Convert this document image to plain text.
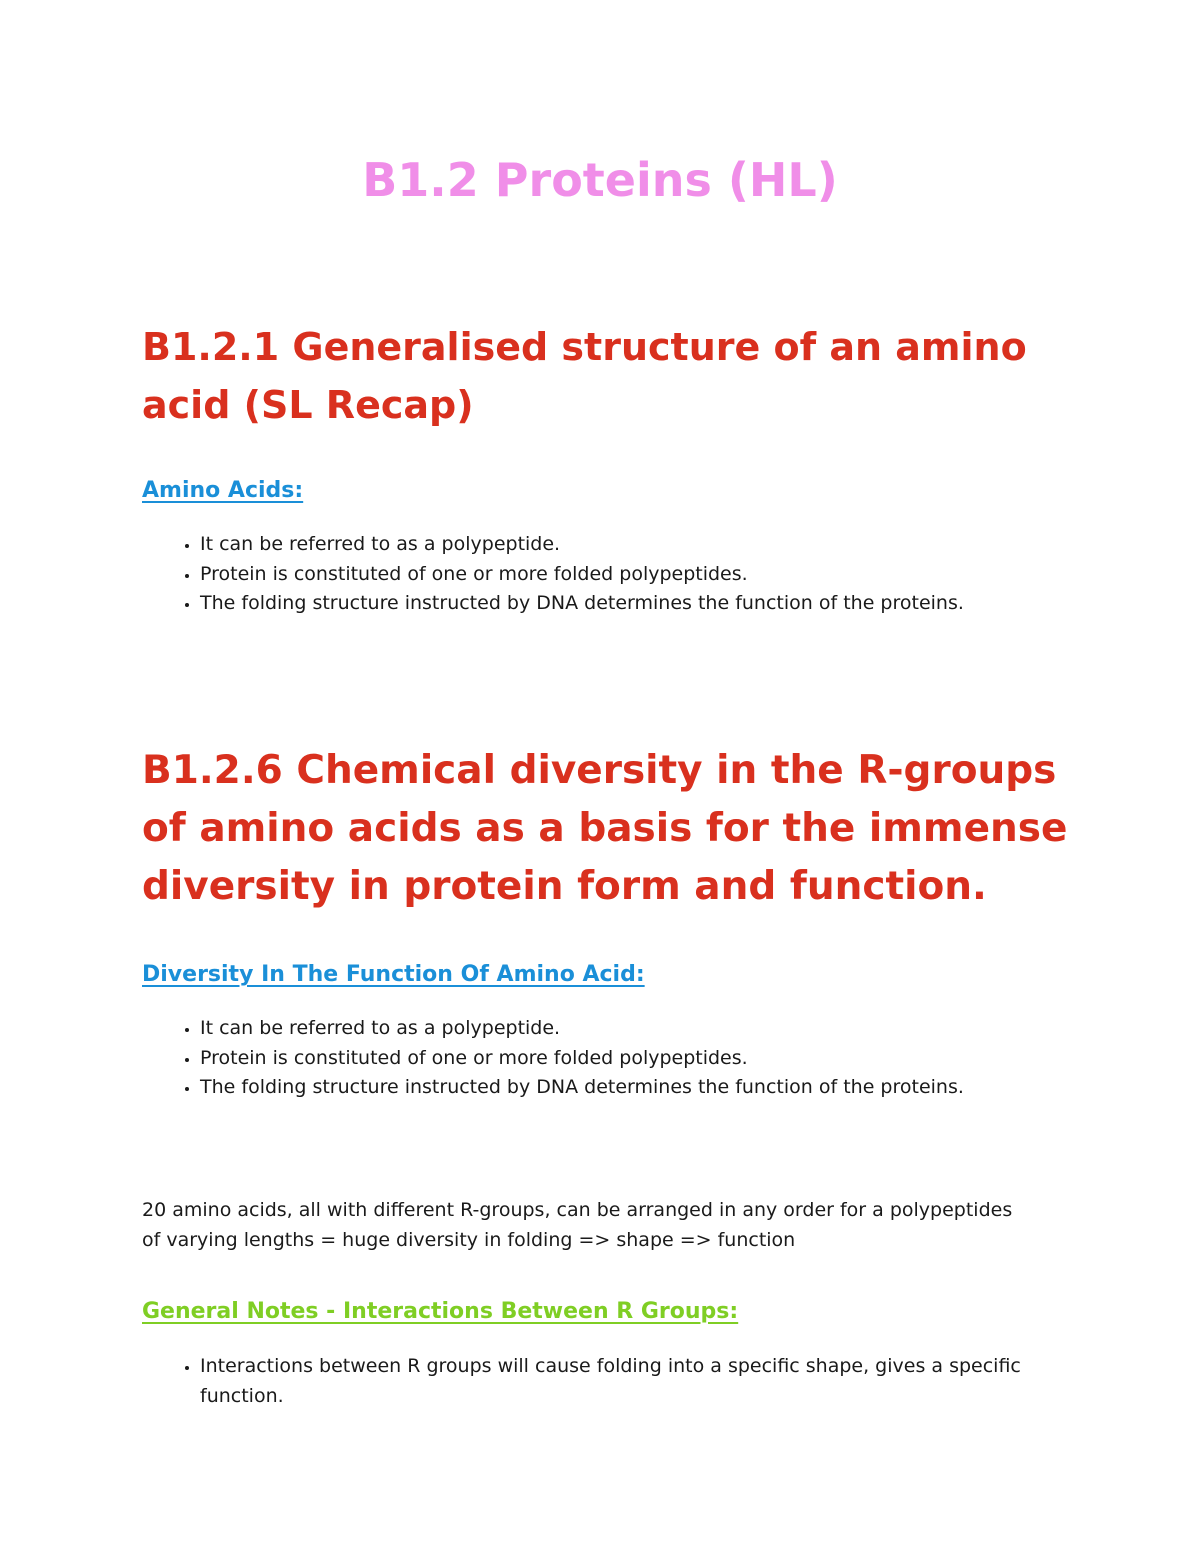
B1.2 Proteins (HL)
B1.2.1 Generalised structure of an amino acid (SL Recap)
Amino Acids:
• It can be referred to as a polypeptide.
• Protein is constituted of one or more folded polypeptides.
• The folding structure instructed by DNA determines the function of the proteins.
B1.2.6 Chemical diversity in the R-groups of amino acids as a basis for the immense diversity in protein form and function.
Diversity In The Function Of Amino Acid:
• It can be referred to as a polypeptide.
• Protein is constituted of one or more folded polypeptides.
• The folding structure instructed by DNA determines the function of the proteins.

20 amino acids, all with different R-groups, can be arranged in any order for a polypeptides of varying lengths = huge diversity in folding => shape => function

General Notes - Interactions Between R Groups:
• Interactions between R groups will cause folding into a specific shape, gives a specific function.
